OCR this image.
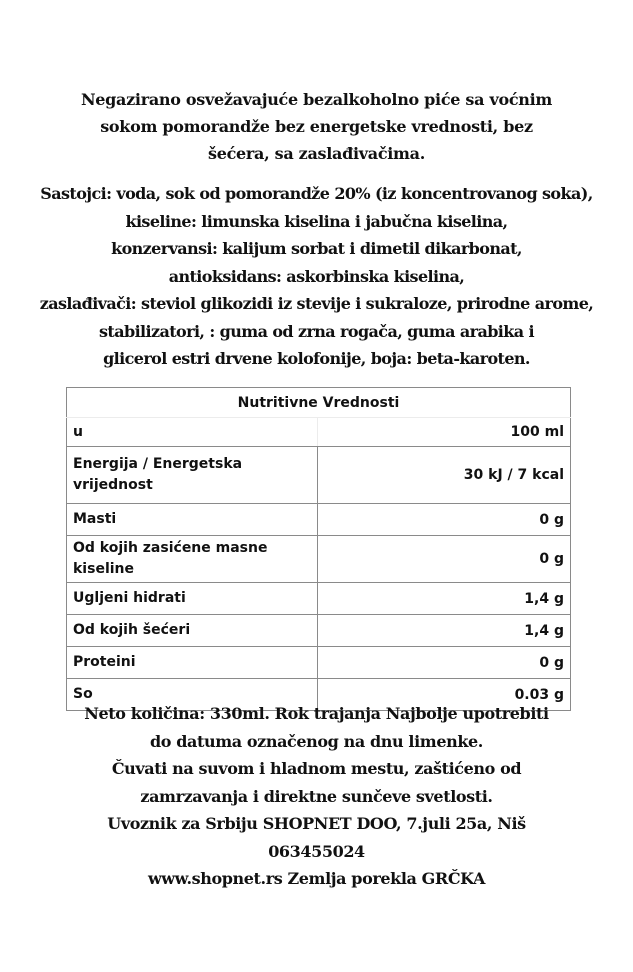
Negazirano osvežavajuće bezalkoholno piće sa voćnim
sokom pomorandže bez energetske vrednosti, bez
šećera, sa zaslađivačima.
Sastojci: voda, sok od pomorandže 20% (iz koncentrovanog soka),
kiseline: limunska kiselina i jabučna kiselina,
konzervansi: kalijum sorbat i dimetil dikarbonat,
antioksidans: askorbinska kiselina,
zaslađivači: steviol glikozidi iz stevije i sukraloze, prirodne arome,
stabilizatori, : guma od zrna rogača, guma arabika i
glicerol estri drvene kolofonije, boja: beta-karoten.
Nutritivne Vrednosti	
u	100 ml
Energija / Energetska vrijednost	30 kJ / 7 kcal
Masti	0 g
Od kojih zasićene masne kiseline	0 g
Ugljeni hidrati	1,4 g
Od kojih šećeri	1,4 g
Proteini	0 g
So	0.03 g
Neto količina: 330ml. Rok trajanja Najbolje upotrebiti
do datuma označenog na dnu limenke.
Čuvati na suvom i hladnom mestu, zaštićeno od
zamrzavanja i direktne sunčeve svetlosti.
Uvoznik za Srbiju SHOPNET DOO, 7.juli 25a, Niš
063455024
www.shopnet.rs Zemlja porekla GRČKA
